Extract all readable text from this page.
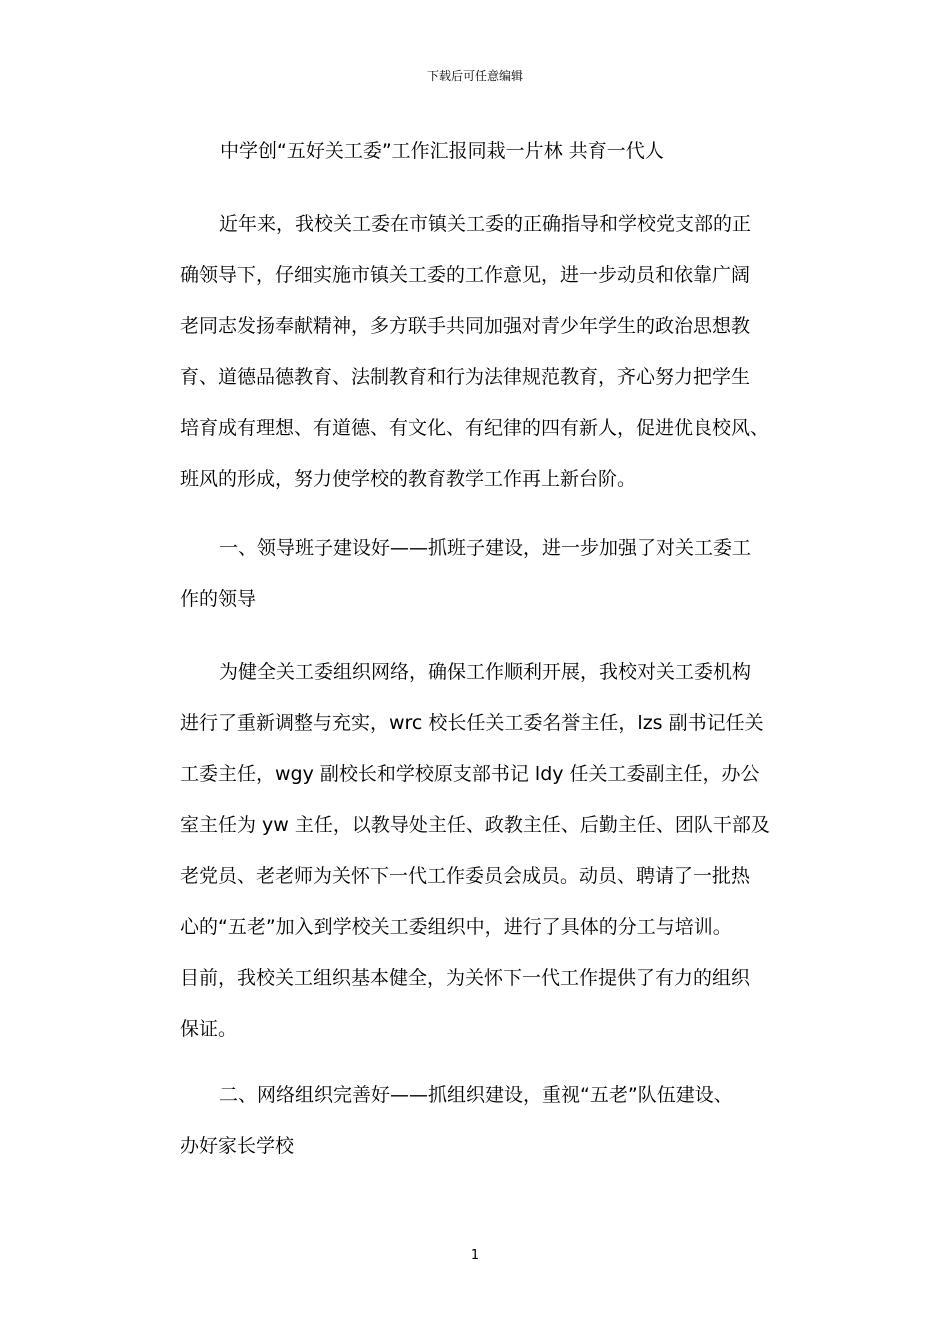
下载后可任意编辑
中学创“五好关工委”工作汇报同栽一片林 共育一代人
近年来，我校关工委在市镇关工委的正确指导和学校党支部的正
确领导下，仔细实施市镇关工委的工作意见，进一步动员和依靠广阔
老同志发扬奉献精神，多方联手共同加强对青少年学生的政治思想教
育、道德品德教育、法制教育和行为法律规范教育，齐心努力把学生
培育成有理想、有道德、有文化、有纪律的四有新人，促进优良校风、
班风的形成，努力使学校的教育教学工作再上新台阶。
一、领导班子建设好——抓班子建设，进一步加强了对关工委工
作的领导
为健全关工委组织网络，确保工作顺利开展，我校对关工委机构
进行了重新调整与充实，wrc 校长任关工委名誉主任，lzs 副书记任关
工委主任，wgy 副校长和学校原支部书记 ldy 任关工委副主任，办公
室主任为 yw 主任，以教导处主任、政教主任、后勤主任、团队干部及
老党员、老老师为关怀下一代工作委员会成员。动员、聘请了一批热
心的“五老”加入到学校关工委组织中，进行了具体的分工与培训。
目前，我校关工组织基本健全，为关怀下一代工作提供了有力的组织
保证。
二、网络组织完善好——抓组织建设，重视“五老”队伍建设、
办好家长学校
1
